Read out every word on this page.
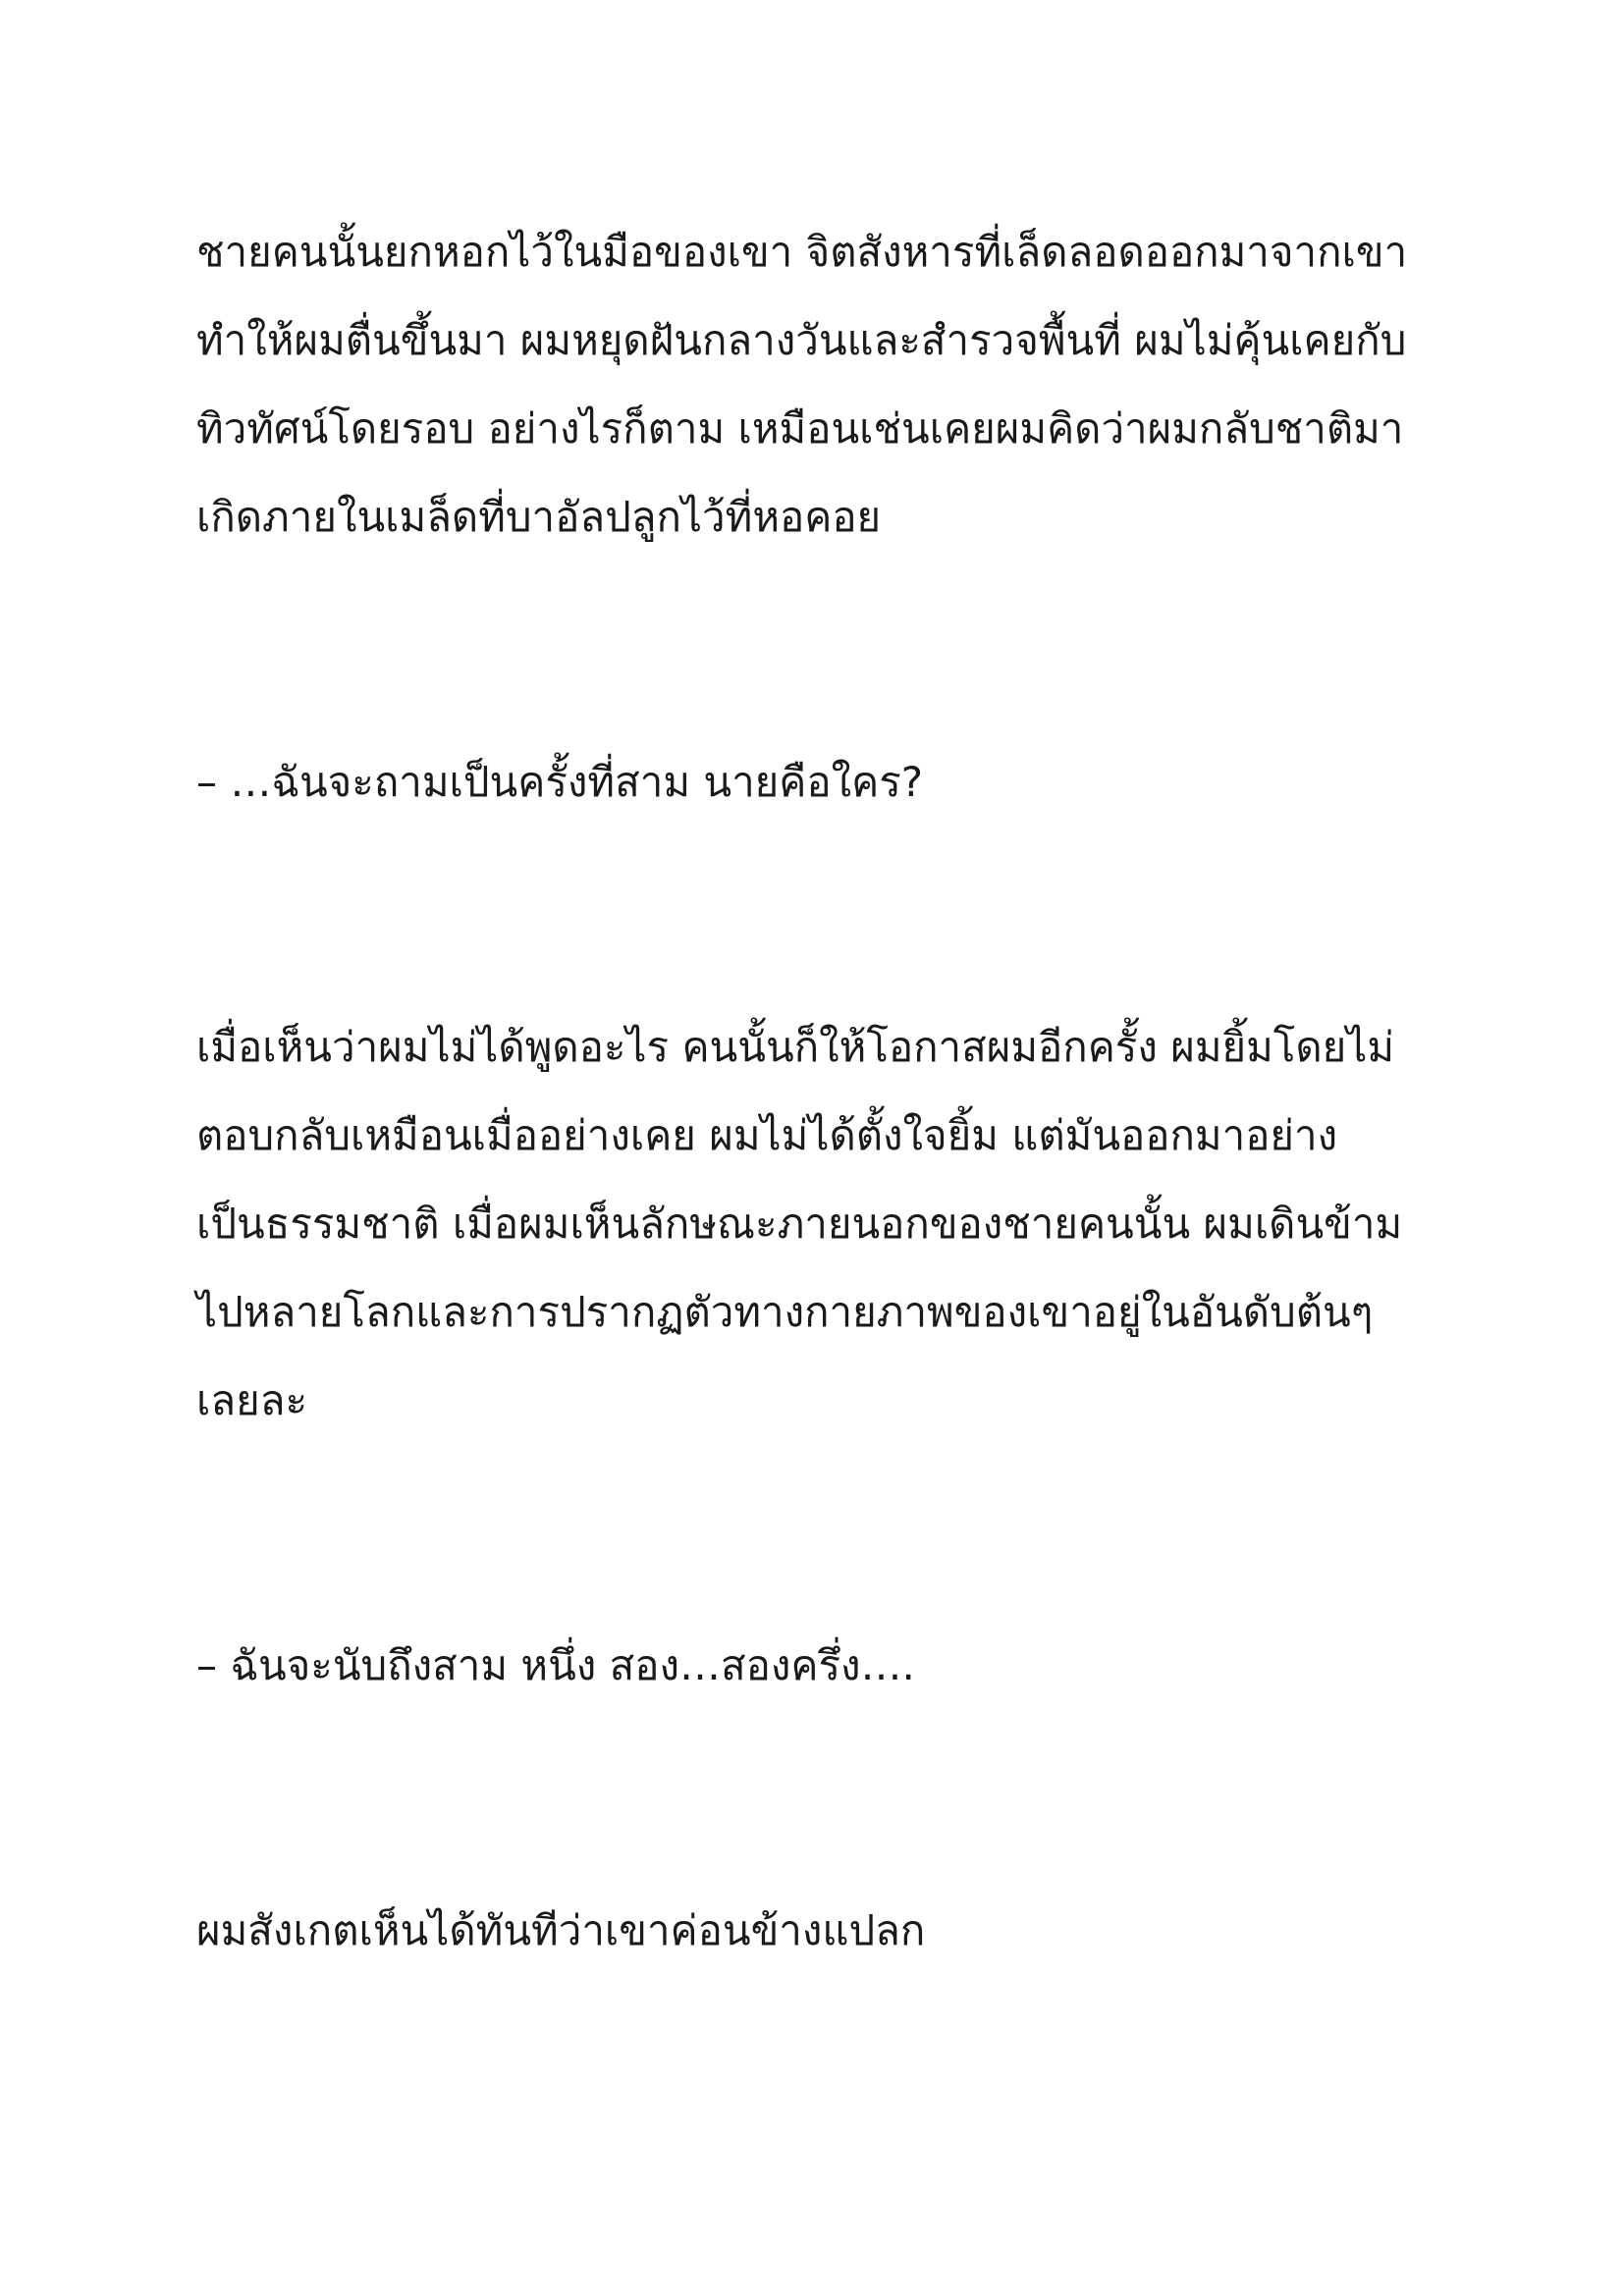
ชายคนนั้นยกหอกไว้ในมือของเขา จิตสังหารที่เล็ดลอดออกมาจากเขา
ทำให้ผมตื่นขึ้นมา ผมหยุดฝันกลางวันและสำรวจพื้นที่ ผมไม่คุ้นเคยกับ
ทิวทัศน์โดยรอบ อย่างไรก็ตาม เหมือนเช่นเคยผมคิดว่าผมกลับชาติมา
เกิดภายในเมล็ดที่บาอัลปลูกไว้ที่หอคอย

– …ฉันจะถามเป็นครั้งที่สาม นายคือใคร?

เมื่อเห็นว่าผมไม่ได้พูดอะไร คนนั้นก็ให้โอกาสผมอีกครั้ง ผมยิ้มโดยไม่
ตอบกลับเหมือนเมื่ออย่างเคย ผมไม่ได้ตั้งใจยิ้ม แต่มันออกมาอย่าง
เป็นธรรมชาติ เมื่อผมเห็นลักษณะภายนอกของชายคนนั้น ผมเดินข้าม
ไปหลายโลกและการปรากฏตัวทางกายภาพของเขาอยู่ในอันดับต้นๆ
เลยละ

– ฉันจะนับถึงสาม หนึ่ง สอง…สองครึ่ง….

ผมสังเกตเห็นได้ทันทีว่าเขาค่อนข้างแปลก
